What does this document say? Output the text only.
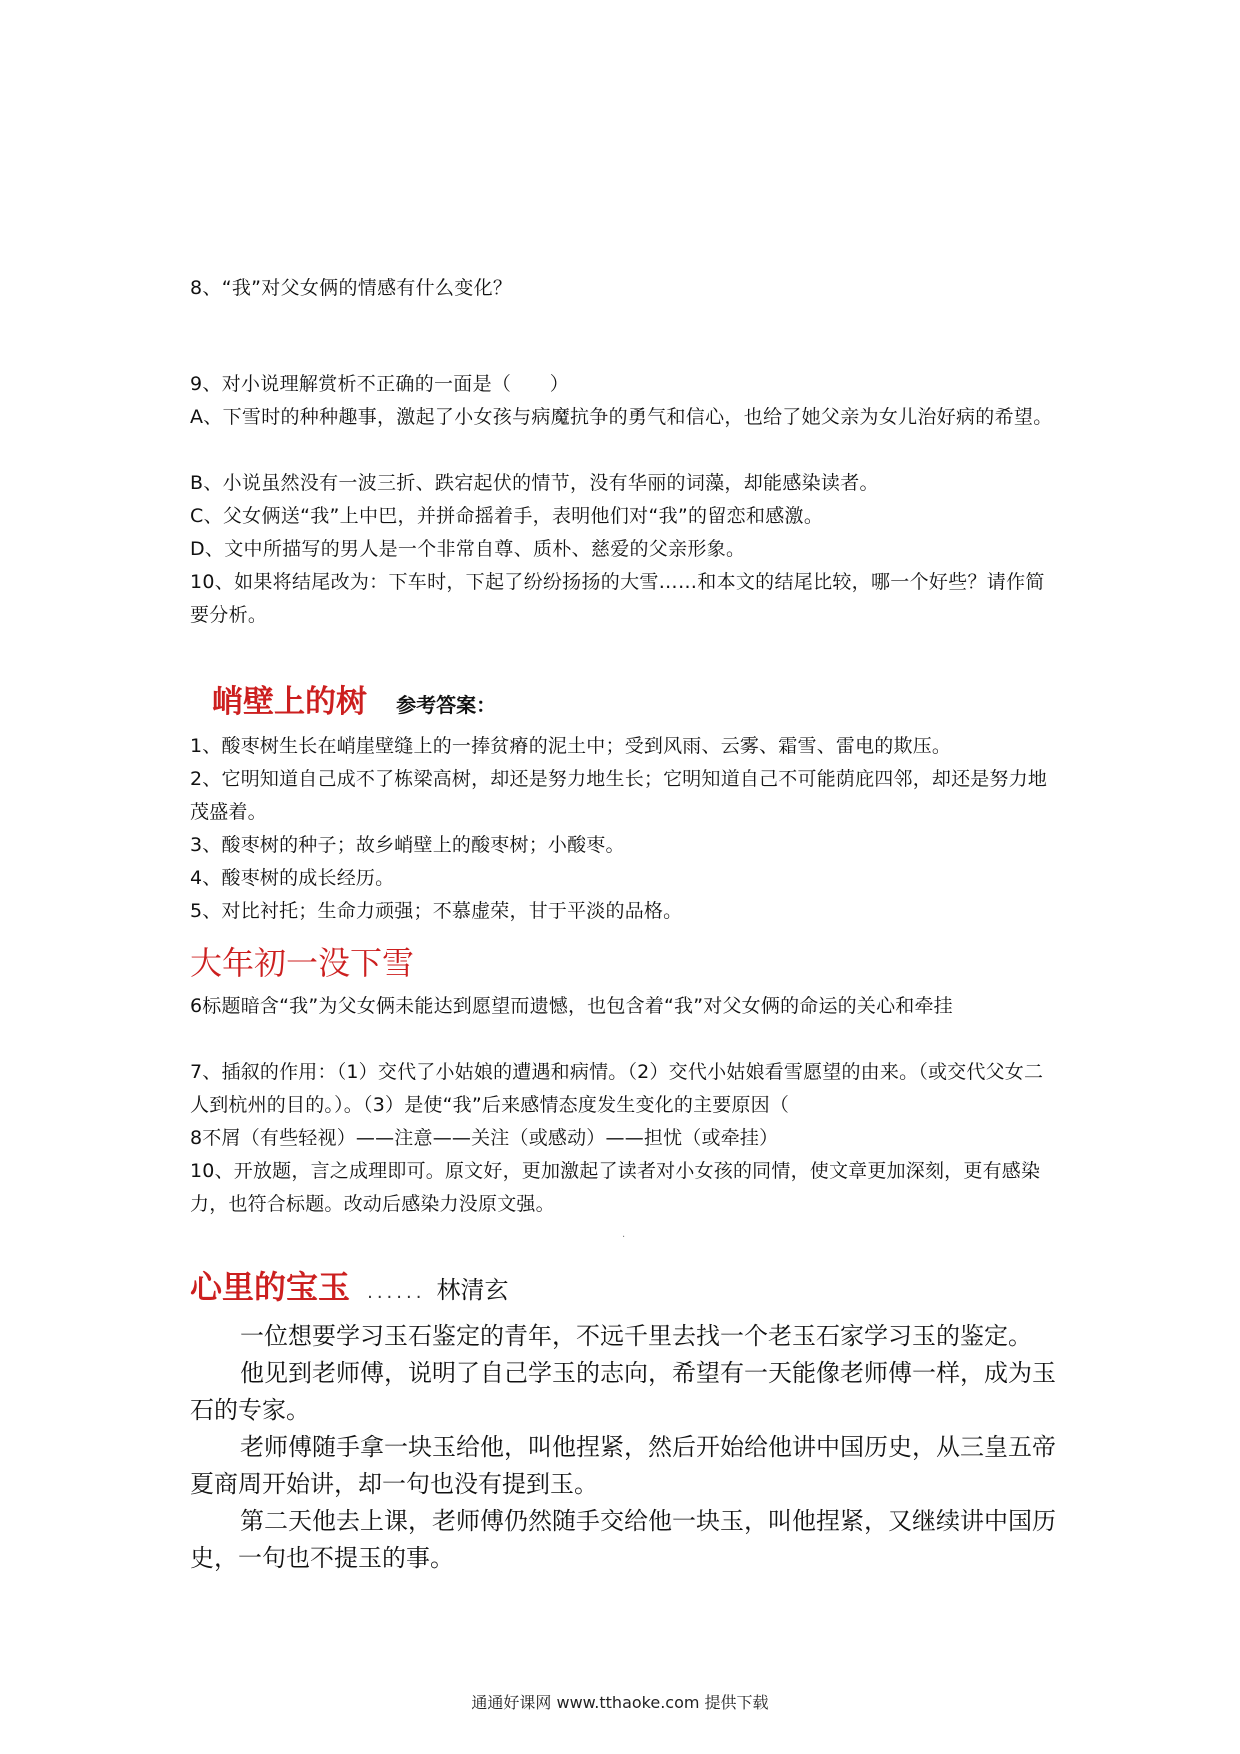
8、“我”对父女俩的情感有什么变化？

9、对小说理解赏析不正确的一面是（　　）

A、下雪时的种种趣事，激起了小女孩与病魔抗争的勇气和信心，也给了她父亲为女儿治好病的希望。

B、小说虽然没有一波三折、跌宕起伏的情节，没有华丽的词藻，却能感染读者。

C、父女俩送“我”上中巴，并拼命摇着手，表明他们对“我”的留恋和感激。

D、文中所描写的男人是一个非常自尊、质朴、慈爱的父亲形象。

10、如果将结尾改为：下车时，下起了纷纷扬扬的大雪……和本文的结尾比较，哪一个好些？请作简要分析。

峭壁上的树 参考答案：

1、酸枣树生长在峭崖壁缝上的一捧贫瘠的泥土中；受到风雨、云雾、霜雪、雷电的欺压。

2、它明知道自己成不了栋梁高树，却还是努力地生长；它明知道自己不可能荫庇四邻，却还是努力地茂盛着。

3、酸枣树的种子；故乡峭壁上的酸枣树；小酸枣。

4、酸枣树的成长经历。

5、对比衬托；生命力顽强；不慕虚荣，甘于平淡的品格。

大年初一没下雪

6标题暗含“我”为父女俩未能达到愿望而遗憾，也包含着“我”对父女俩的命运的关心和牵挂

7、插叙的作用：（1）交代了小姑娘的遭遇和病情。（2）交代小姑娘看雪愿望的由来。（或交代父女二人到杭州的目的。）。（3）是使“我”后来感情态度发生变化的主要原因（

8不屑（有些轻视）——注意——关注（或感动）——担忧（或牵挂）

10、开放题，言之成理即可。原文好，更加激起了读者对小女孩的同情，使文章更加深刻，更有感染力，也符合标题。改动后感染力没原文强。

·
心里的宝玉 ...... 林清玄

一位想要学习玉石鉴定的青年，不远千里去找一个老玉石家学习玉的鉴定。

他见到老师傅，说明了自己学玉的志向，希望有一天能像老师傅一样，成为玉石的专家。

老师傅随手拿一块玉给他，叫他捏紧，然后开始给他讲中国历史，从三皇五帝夏商周开始讲，却一句也没有提到玉。

第二天他去上课，老师傅仍然随手交给他一块玉，叫他捏紧，又继续讲中国历史，一句也不提玉的事。

通通好课网 www.tthaoke.com 提供下载
